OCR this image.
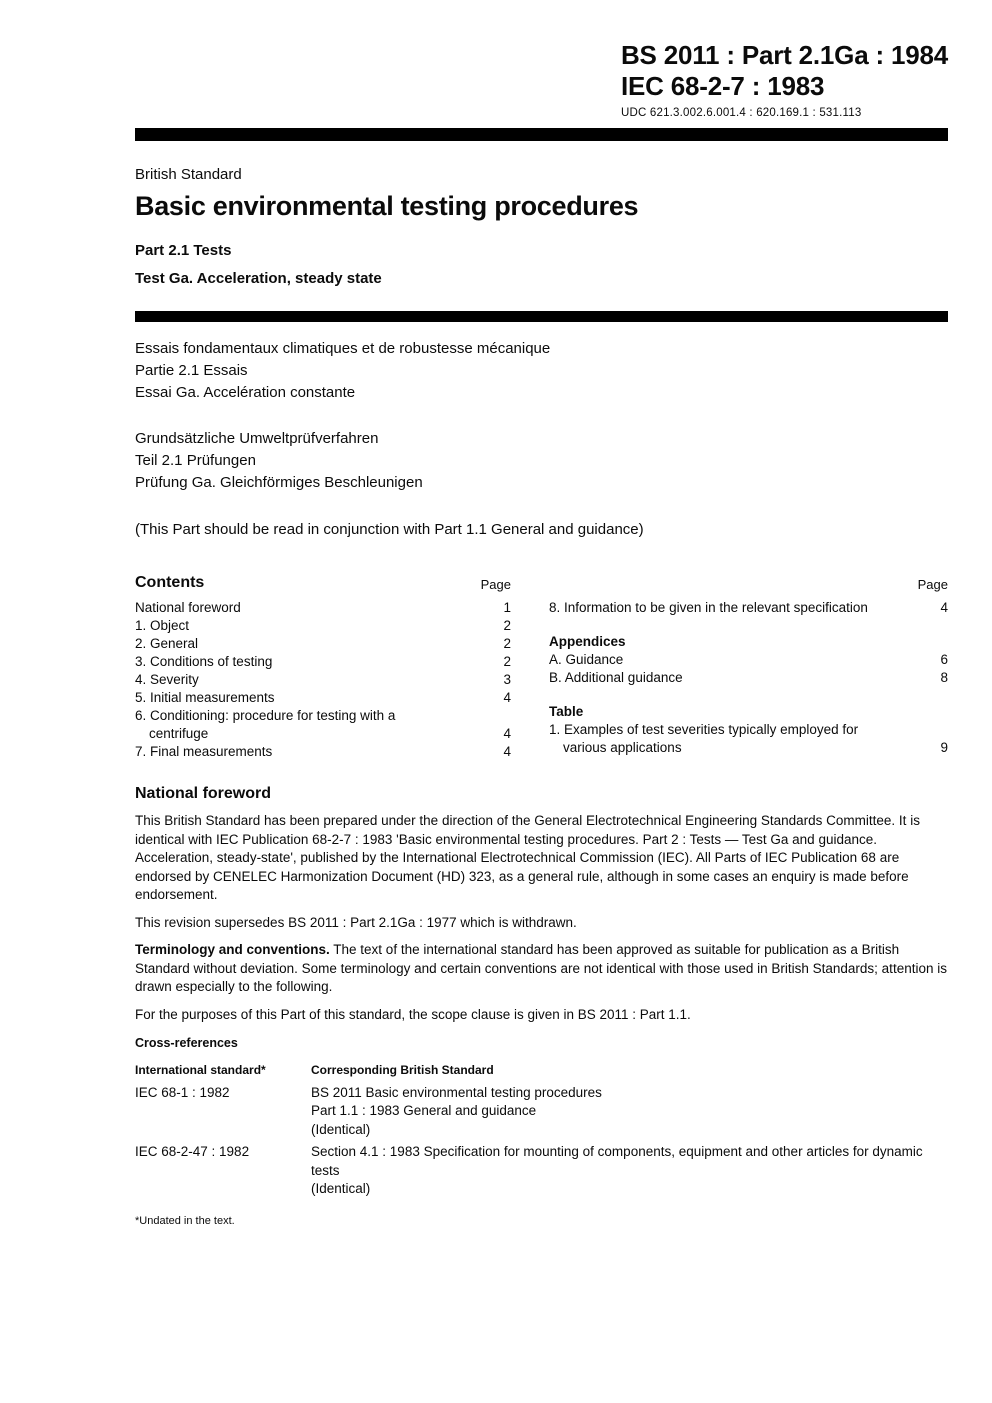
BS 2011 : Part 2.1Ga : 1984
IEC 68-2-7 : 1983
UDC 621.3.002.6.001.4 : 620.169.1 : 531.113
British Standard
Basic environmental testing procedures
Part 2.1 Tests
Test Ga. Acceleration, steady state
Essais fondamentaux climatiques et de robustesse mécanique
Partie 2.1 Essais
Essai Ga. Accelération constante
Grundsätzliche Umweltprüfverfahren
Teil 2.1 Prüfungen
Prüfung Ga. Gleichförmiges Beschleunigen
(This Part should be read in conjunction with Part 1.1 General and guidance)
Contents	Page
National foreword	1
1. Object	2
2. General	2
3. Conditions of testing	2
4. Severity	3
5. Initial measurements	4
6. Conditioning: procedure for testing with a centrifuge	4
7. Final measurements	4
Page
8. Information to be given in the relevant specification	4
Appendices
A. Guidance	6
B. Additional guidance	8
Table
1. Examples of test severities typically employed for various applications	9
National foreword
This British Standard has been prepared under the direction of the General Electrotechnical Engineering Standards Committee. It is identical with IEC Publication 68-2-7 : 1983 'Basic environmental testing procedures. Part 2 : Tests — Test Ga and guidance. Acceleration, steady-state', published by the International Electrotechnical Commission (IEC). All Parts of IEC Publication 68 are endorsed by CENELEC Harmonization Document (HD) 323, as a general rule, although in some cases an enquiry is made before endorsement.
This revision supersedes BS 2011 : Part 2.1Ga : 1977 which is withdrawn.
Terminology and conventions. The text of the international standard has been approved as suitable for publication as a British Standard without deviation. Some terminology and certain conventions are not identical with those used in British Standards; attention is drawn especially to the following.
For the purposes of this Part of this standard, the scope clause is given in BS 2011 : Part 1.1.
Cross-references
International standard*	Corresponding British Standard
IEC 68-1 : 1982	BS 2011 Basic environmental testing procedures
Part 1.1 : 1983 General and guidance
(Identical)
IEC 68-2-47 : 1982	Section 4.1 : 1983 Specification for mounting of components, equipment and other articles for dynamic tests
(Identical)
*Undated in the text.
